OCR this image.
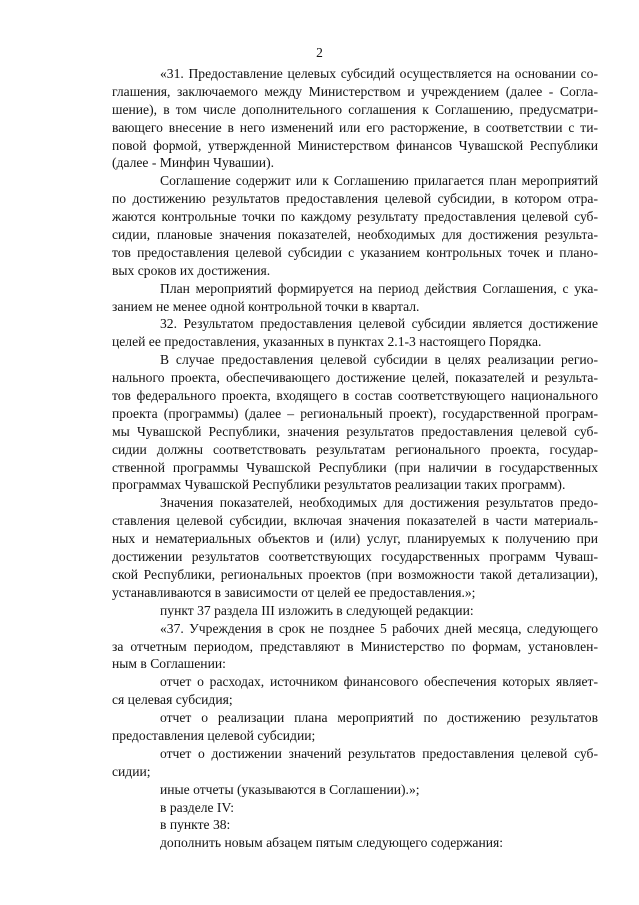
2
«31. Предоставление целевых субсидий осуществляется на основании со-
глашения, заключаемого между Министерством и учреждением (далее - Согла-
шение), в том числе дополнительного соглашения к Соглашению, предусматри-
вающего внесение в него изменений или его расторжение, в соответствии с ти-
повой формой, утвержденной Министерством финансов Чувашской Республики
(далее - Минфин Чувашии).
Соглашение содержит или к Соглашению прилагается план мероприятий
по достижению результатов предоставления целевой субсидии, в котором отра-
жаются контрольные точки по каждому результату предоставления целевой суб-
сидии, плановые значения показателей, необходимых для достижения результа-
тов предоставления целевой субсидии с указанием контрольных точек и плано-
вых сроков их достижения.
План мероприятий формируется на период действия Соглашения, с ука-
занием не менее одной контрольной точки в квартал.
32. Результатом предоставления целевой субсидии является достижение
целей ее предоставления, указанных в пунктах 2.1-3 настоящего Порядка.
В случае предоставления целевой субсидии в целях реализации регио-
нального проекта, обеспечивающего достижение целей, показателей и результа-
тов федерального проекта, входящего в состав соответствующего национального
проекта (программы) (далее – региональный проект), государственной програм-
мы Чувашской Республики, значения результатов предоставления целевой суб-
сидии должны соответствовать результатам регионального проекта, государ-
ственной программы Чувашской Республики (при наличии в государственных
программах Чувашской Республики результатов реализации таких программ).
Значения показателей, необходимых для достижения результатов предо-
ставления целевой субсидии, включая значения показателей в части материаль-
ных и нематериальных объектов и (или) услуг, планируемых к получению при
достижении результатов соответствующих государственных программ Чуваш-
ской Республики, региональных проектов (при возможности такой детализации),
устанавливаются в зависимости от целей ее предоставления.»;
пункт 37 раздела III изложить в следующей редакции:
«37. Учреждения в срок не позднее 5 рабочих дней месяца, следующего
за отчетным периодом, представляют в Министерство по формам, установлен-
ным в Соглашении:
отчет о расходах, источником финансового обеспечения которых являет-
ся целевая субсидия;
отчет о реализации плана мероприятий по достижению результатов
предоставления целевой субсидии;
отчет о достижении значений результатов предоставления целевой суб-
сидии;
иные отчеты (указываются в Соглашении).»;
в разделе IV:
в пункте 38:
дополнить новым абзацем пятым следующего содержания:
